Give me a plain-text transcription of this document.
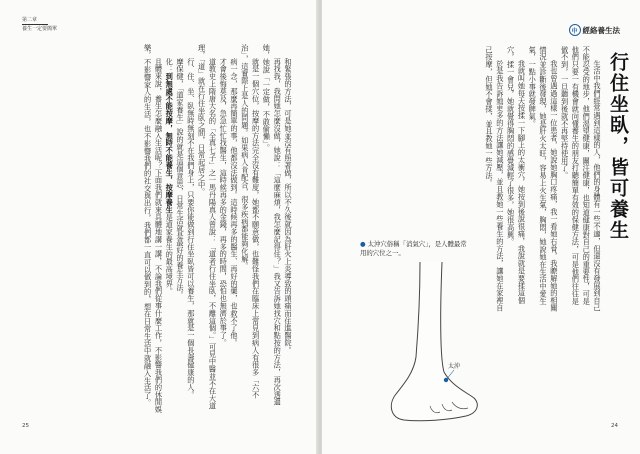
第二章
養生一定要簡單

和緊張的方法，可是她並沒有照著做，所以不久後就因為肝火上炎導致的頭痛而住進醫院。

再找我，我問她怎麼沒做，她說：「這麼麻煩，我怎麼記得住？」我又告訴她找穴和點按的方法，再次透過她，她說「一定做，不敢偷懶」。

就是一個穴位，按摩的方法完全沒有難度，她都不願意做，也難怪我們在臨床上常見到病人有很多「六不治」，這實際上是人的問題。如果病人肯配合，很多疾病都能夠化解。

病一念，那麼再簡單的事，他都沒法做到。這時候再多的醫生、再好的藥，也救不了他。

才會後悔莫及，急急忙忙找醫生，這時候再多的金錢，再多的時間，恐怕也無濟於事了。

道教史上隋唐大名的「全真七子」之一馬丹陽真人曾說：「道者行住坐臥，不離這個。」可見中醫並不在大道理，「道」就在行住坐臥之間，日常起居之中。

行、住、坐、臥無時無刻不在我們身上，只要你能做到行住坐臥皆可以養生，那就是一個長壽健康的人。

摩保健，「道家養生」說的就是這個意思，日常生活就是最好的養生方法。

化：到無處不能按摩，無時不能養生，按摩養生是道家養生的最高境界。

且體來說，養生怎麼融入生活呢？下面我們就來具體地講一講，不論我們從事什麼工作，不影響我們的休閒娛樂，不影響家人的生活，也不影響我們的社交與出行，我們都一直可以做到的，想在日常生活中就融入生活了。

25
中 經絡養生法
行住坐臥，皆可養生

生活中我們經常遇到這樣的人，他們的身體有一些不適，但還沒有發展到自己不能忍受的地步，他們渴望健康，關注健康，也知道健康對自己的重要性，可是他們只要一有機會就向懂養生的朋友打聽簡單有效的保健方法，可是他們往往是做不到，一旦聽到後就不再堅持使用了。

我也曾遇過這樣一位患者，她說她胸口疼痛，我一看她右脅，我瞭解她的相關情況並診斷後發現，她是肝火太旺，容易上火生氣，胸悶，她說她在生活中愛生氣，一點小事就發脾氣。

我就叫她每天按揉一下腳上的太衝穴，她按到後說很痛，我說就是要揉這個穴，揉一會兒，她就覺得胸悶的感覺減輕了很多，她很高興。

於是我告訴她更多的方法讓她減壓，並且教她一些養生的方法，讓她在家裡自己按摩，但她不會揉，並且教她一些方法。

● 太沖穴俗稱「消氣穴」，是人體最常用的穴位之一。
太沖
24
